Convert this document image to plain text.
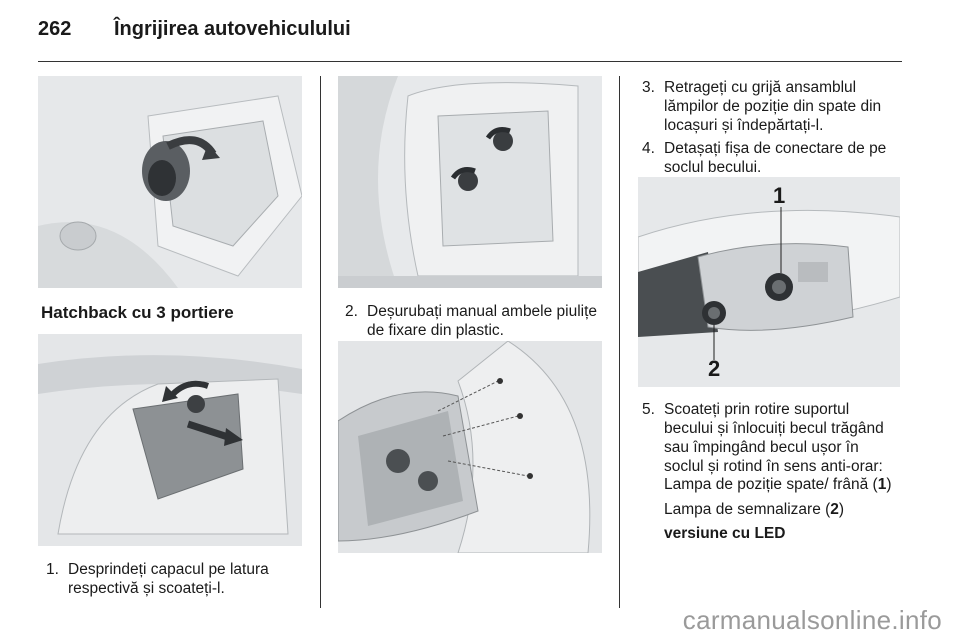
262 Îngrijirea autovehiculului
Hatchback cu 3 portiere
1. Desprindeți capacul pe latura
respectivă și scoateți-l.
2. Deșurubați manual ambele piulițe
de fixare din plastic.
3. Retrageți cu grijă ansamblul
lămpilor de poziție din spate din
locașuri și îndepărtați-l.
4. Detașați fișa de conectare de pe
soclul becului.
1
2
5. Scoateți prin rotire suportul
becului și înlocuiți becul trăgând
sau împingând becul ușor în
soclul și rotind în sens anti-orar:
Lampa de poziție spate/ frână (1)
Lampa de semnalizare (2)
versiune cu LED
carmanualsonline.info
